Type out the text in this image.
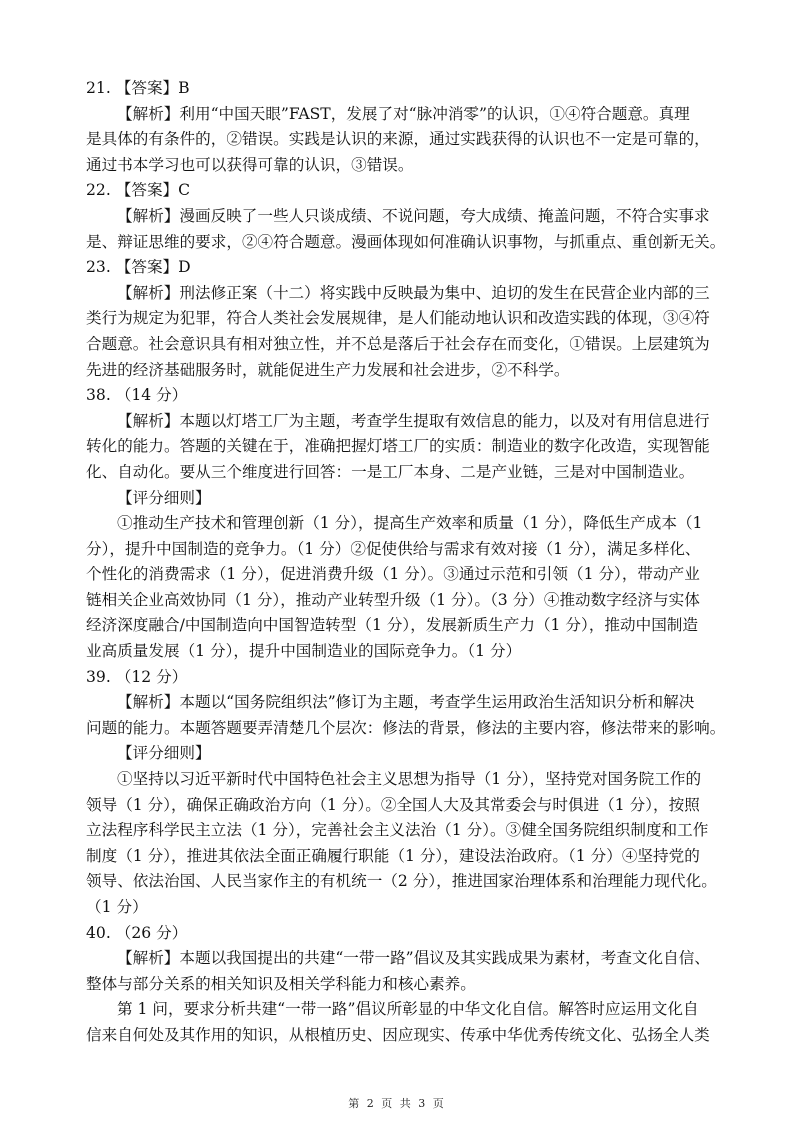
21. 【答案】B
【解析】利用“中国天眼”FAST，发展了对“脉冲消零”的认识，①④符合题意。真理
是具体的有条件的，②错误。实践是认识的来源，通过实践获得的认识也不一定是可靠的，
通过书本学习也可以获得可靠的认识，③错误。
22. 【答案】C
【解析】漫画反映了一些人只谈成绩、不说问题，夸大成绩、掩盖问题，不符合实事求
是、辩证思维的要求，②④符合题意。漫画体现如何准确认识事物，与抓重点、重创新无关。
23. 【答案】D
【解析】刑法修正案（十二）将实践中反映最为集中、迫切的发生在民营企业内部的三
类行为规定为犯罪，符合人类社会发展规律，是人们能动地认识和改造实践的体现，③④符
合题意。社会意识具有相对独立性，并不总是落后于社会存在而变化，①错误。上层建筑为
先进的经济基础服务时，就能促进生产力发展和社会进步，②不科学。
38. （14 分）
【解析】本题以灯塔工厂为主题，考查学生提取有效信息的能力，以及对有用信息进行
转化的能力。答题的关键在于，准确把握灯塔工厂的实质：制造业的数字化改造，实现智能
化、自动化。要从三个维度进行回答：一是工厂本身、二是产业链，三是对中国制造业。
【评分细则】
①推动生产技术和管理创新（1 分），提高生产效率和质量（1 分），降低生产成本（1
分），提升中国制造的竞争力。（1 分）②促使供给与需求有效对接（1 分），满足多样化、
个性化的消费需求（1 分），促进消费升级（1 分）。③通过示范和引领（1 分），带动产业
链相关企业高效协同（1 分），推动产业转型升级（1 分）。（3 分）④推动数字经济与实体
经济深度融合/中国制造向中国智造转型（1 分），发展新质生产力（1 分），推动中国制造
业高质量发展（1 分），提升中国制造业的国际竞争力。（1 分）
39. （12 分）
【解析】本题以“国务院组织法”修订为主题，考查学生运用政治生活知识分析和解决
问题的能力。本题答题要弄清楚几个层次：修法的背景，修法的主要内容，修法带来的影响。
【评分细则】
①坚持以习近平新时代中国特色社会主义思想为指导（1 分），坚持党对国务院工作的
领导（1 分），确保正确政治方向（1 分）。②全国人大及其常委会与时俱进（1 分），按照
立法程序科学民主立法（1 分），完善社会主义法治（1 分）。③健全国务院组织制度和工作
制度（1 分），推进其依法全面正确履行职能（1 分），建设法治政府。（1 分）④坚持党的
领导、依法治国、人民当家作主的有机统一（2 分），推进国家治理体系和治理能力现代化。
（1 分）
40. （26 分）
【解析】本题以我国提出的共建“一带一路”倡议及其实践成果为素材，考查文化自信、
整体与部分关系的相关知识及相关学科能力和核心素养。
第 1 问，要求分析共建“一带一路”倡议所彰显的中华文化自信。解答时应运用文化自
信来自何处及其作用的知识，从根植历史、因应现实、传承中华优秀传统文化、弘扬全人类
第 2 页 共 3 页
